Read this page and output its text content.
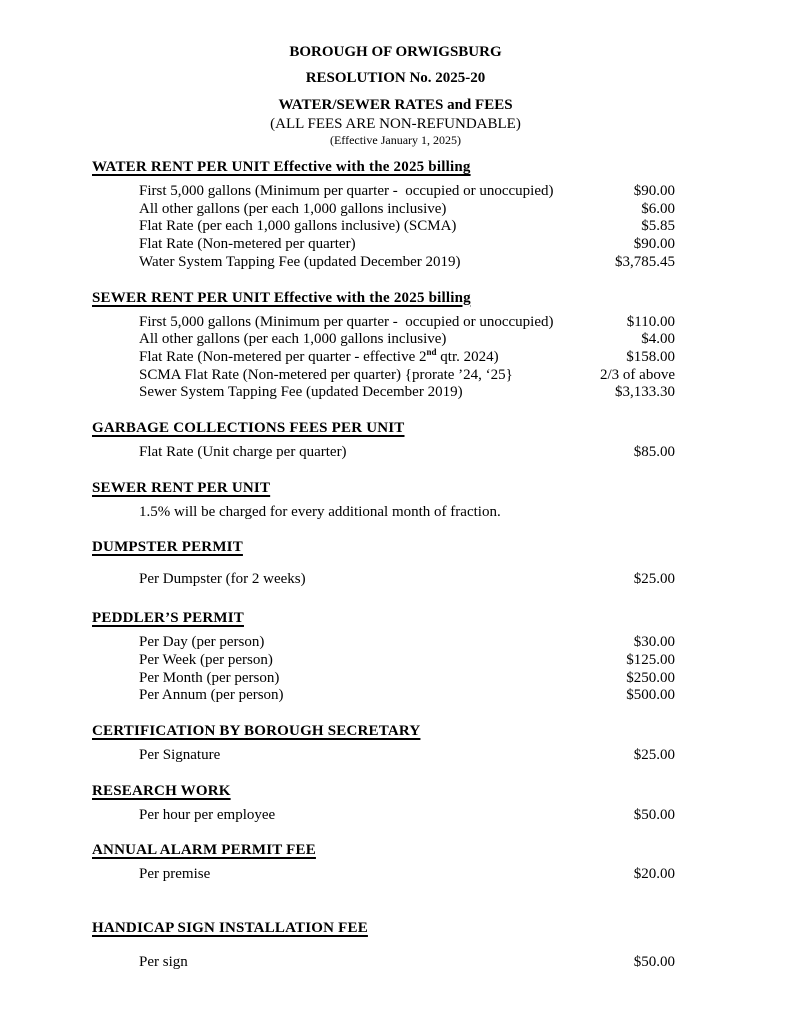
BOROUGH OF ORWIGSBURG
RESOLUTION No. 2025-20
WATER/SEWER RATES and FEES
(ALL FEES ARE NON-REFUNDABLE)
(Effective January 1, 2025)
WATER RENT PER UNIT Effective with the 2025 billing
First 5,000 gallons (Minimum per quarter -  occupied or unoccupied)	$90.00
All other gallons (per each 1,000 gallons inclusive)	$6.00
Flat Rate (per each 1,000 gallons inclusive) (SCMA)	$5.85
Flat Rate (Non-metered per quarter)	$90.00
Water System Tapping Fee (updated December 2019)	$3,785.45
SEWER RENT PER UNIT Effective with the 2025 billing
First 5,000 gallons (Minimum per quarter -  occupied or unoccupied)	$110.00
All other gallons (per each 1,000 gallons inclusive)	$4.00
Flat Rate (Non-metered per quarter - effective 2nd qtr. 2024)	$158.00
SCMA Flat Rate (Non-metered per quarter) {prorate ’24, ‘25}	2/3 of above
Sewer System Tapping Fee (updated December 2019)	$3,133.30
GARBAGE COLLECTIONS FEES PER UNIT
Flat Rate (Unit charge per quarter)	$85.00
SEWER RENT PER UNIT
1.5% will be charged for every additional month of fraction.
DUMPSTER PERMIT
Per Dumpster (for 2 weeks)	$25.00
PEDDLER’S PERMIT
Per Day (per person)	$30.00
Per Week (per person)	$125.00
Per Month (per person)	$250.00
Per Annum (per person)	$500.00
CERTIFICATION BY BOROUGH SECRETARY
Per Signature	$25.00
RESEARCH WORK
Per hour per employee	$50.00
ANNUAL ALARM PERMIT FEE
Per premise	$20.00
HANDICAP SIGN INSTALLATION FEE
Per sign	$50.00
